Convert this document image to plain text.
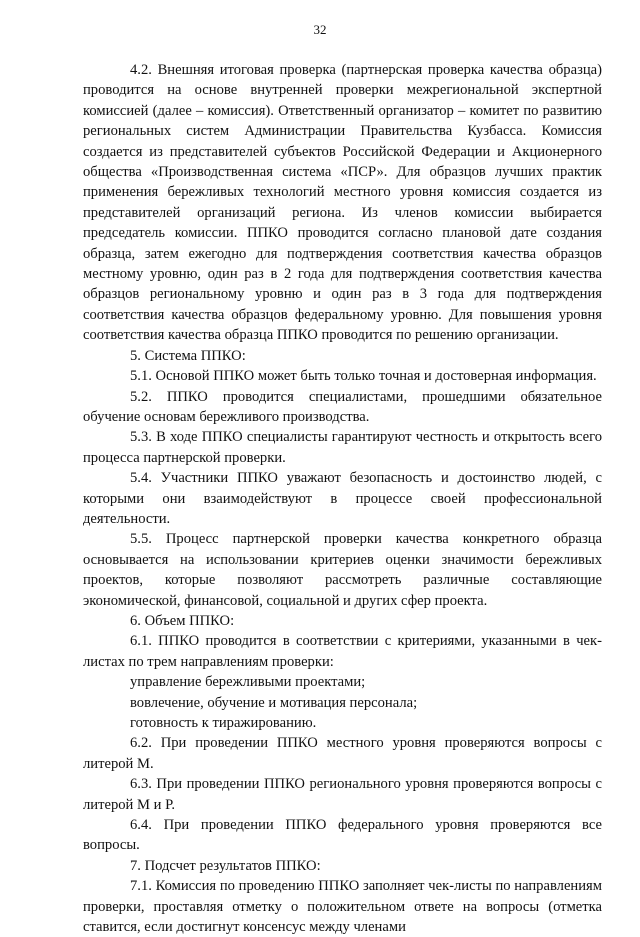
32

4.2. Внешняя итоговая проверка (партнерская проверка качества образца) проводится на основе внутренней проверки межрегиональной экспертной комиссией (далее – комиссия). Ответственный организатор – комитет по развитию региональных систем Администрации Правительства Кузбасса. Комиссия создается из представителей субъектов Российской Федерации и Акционерного общества «Производственная система «ПСР». Для образцов лучших практик применения бережливых технологий местного уровня комиссия создается из представителей организаций региона. Из членов комиссии выбирается председатель комиссии. ППКО проводится согласно плановой дате создания образца, затем ежегодно для подтверждения соответствия качества образцов местному уровню, один раз в 2 года для подтверждения соответствия качества образцов региональному уровню и один раз в 3 года для подтверждения соответствия качества образцов федеральному уровню. Для повышения уровня соответствия качества образца ППКО проводится по решению организации.

5. Система ППКО:

5.1. Основой ППКО может быть только точная и достоверная информация.

5.2. ППКО проводится специалистами, прошедшими обязательное обучение основам бережливого производства.

5.3. В ходе ППКО специалисты гарантируют честность и открытость всего процесса партнерской проверки.

5.4. Участники ППКО уважают безопасность и достоинство людей, с которыми они взаимодействуют в процессе своей профессиональной деятельности.

5.5. Процесс партнерской проверки качества конкретного образца основывается на использовании критериев оценки значимости бережливых проектов, которые позволяют рассмотреть различные составляющие экономической, финансовой, социальной и других сфер проекта.

6. Объем ППКО:

6.1. ППКО проводится в соответствии с критериями, указанными в чек-листах по трем направлениям проверки:

управление бережливыми проектами;

вовлечение, обучение и мотивация персонала;

готовность к тиражированию.

6.2. При проведении ППКО местного уровня проверяются вопросы с литерой М.

6.3. При проведении ППКО регионального уровня проверяются вопросы с литерой М и Р.

6.4. При проведении ППКО федерального уровня проверяются все вопросы.

7. Подсчет результатов ППКО:

7.1. Комиссия по проведению ППКО заполняет чек-листы по направлениям проверки, проставляя отметку о положительном ответе на вопросы (отметка ставится, если достигнут консенсус между членами
